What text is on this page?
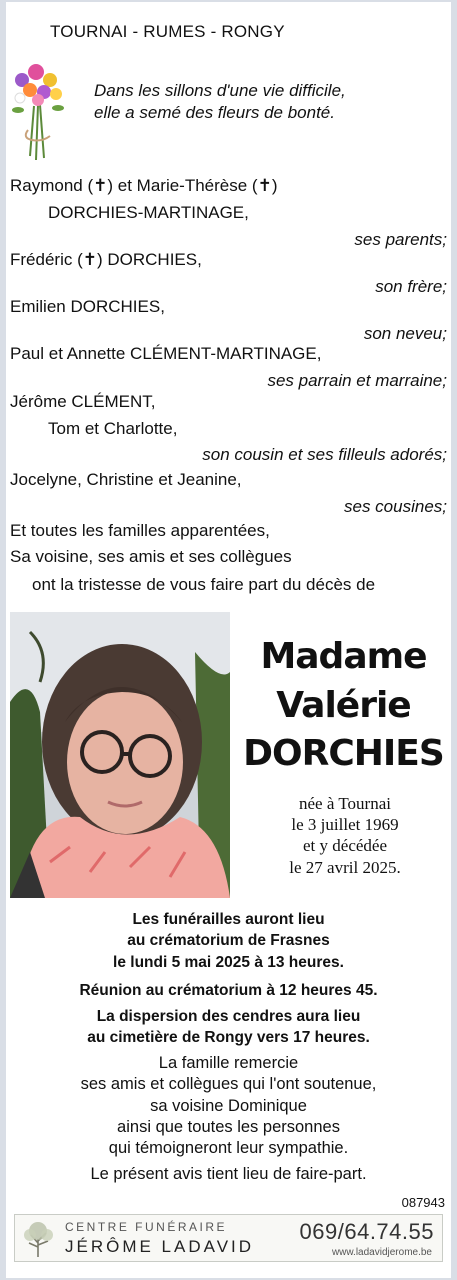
TOURNAI - RUMES - RONGY
Dans les sillons d'une vie difficile,
elle a semé des fleurs de bonté.
Raymond (✝) et Marie-Thérèse (✝)
DORCHIES-MARTINAGE,
ses parents;
Frédéric (✝) DORCHIES,
son frère;
Emilien DORCHIES,
son neveu;
Paul et Annette CLÉMENT-MARTINAGE,
ses parrain et marraine;
Jérôme CLÉMENT,
Tom et Charlotte,
son cousin et ses filleuls adorés;
Jocelyne, Christine et Jeanine,
ses cousines;
Et toutes les familles apparentées,
Sa voisine, ses amis et ses collègues
ont la tristesse de vous faire part du décès de
Madame
Valérie
DORCHIES
née à Tournai
le 3 juillet 1969
et y décédée
le 27 avril 2025.
Les funérailles auront lieu
au crématorium de Frasnes
le lundi 5 mai 2025 à 13 heures.
Réunion au crématorium à 12 heures 45.
La dispersion des cendres aura lieu
au cimetière de Rongy vers 17 heures.
La famille remercie
ses amis et collègues qui l'ont soutenue,
sa voisine Dominique
ainsi que toutes les personnes
qui témoigneront leur sympathie.
Le présent avis tient lieu de faire-part.
087943
CENTRE FUNÉRAIRE
JÉRÔME LADAVID
069/64.74.55
www.ladavidjerome.be
